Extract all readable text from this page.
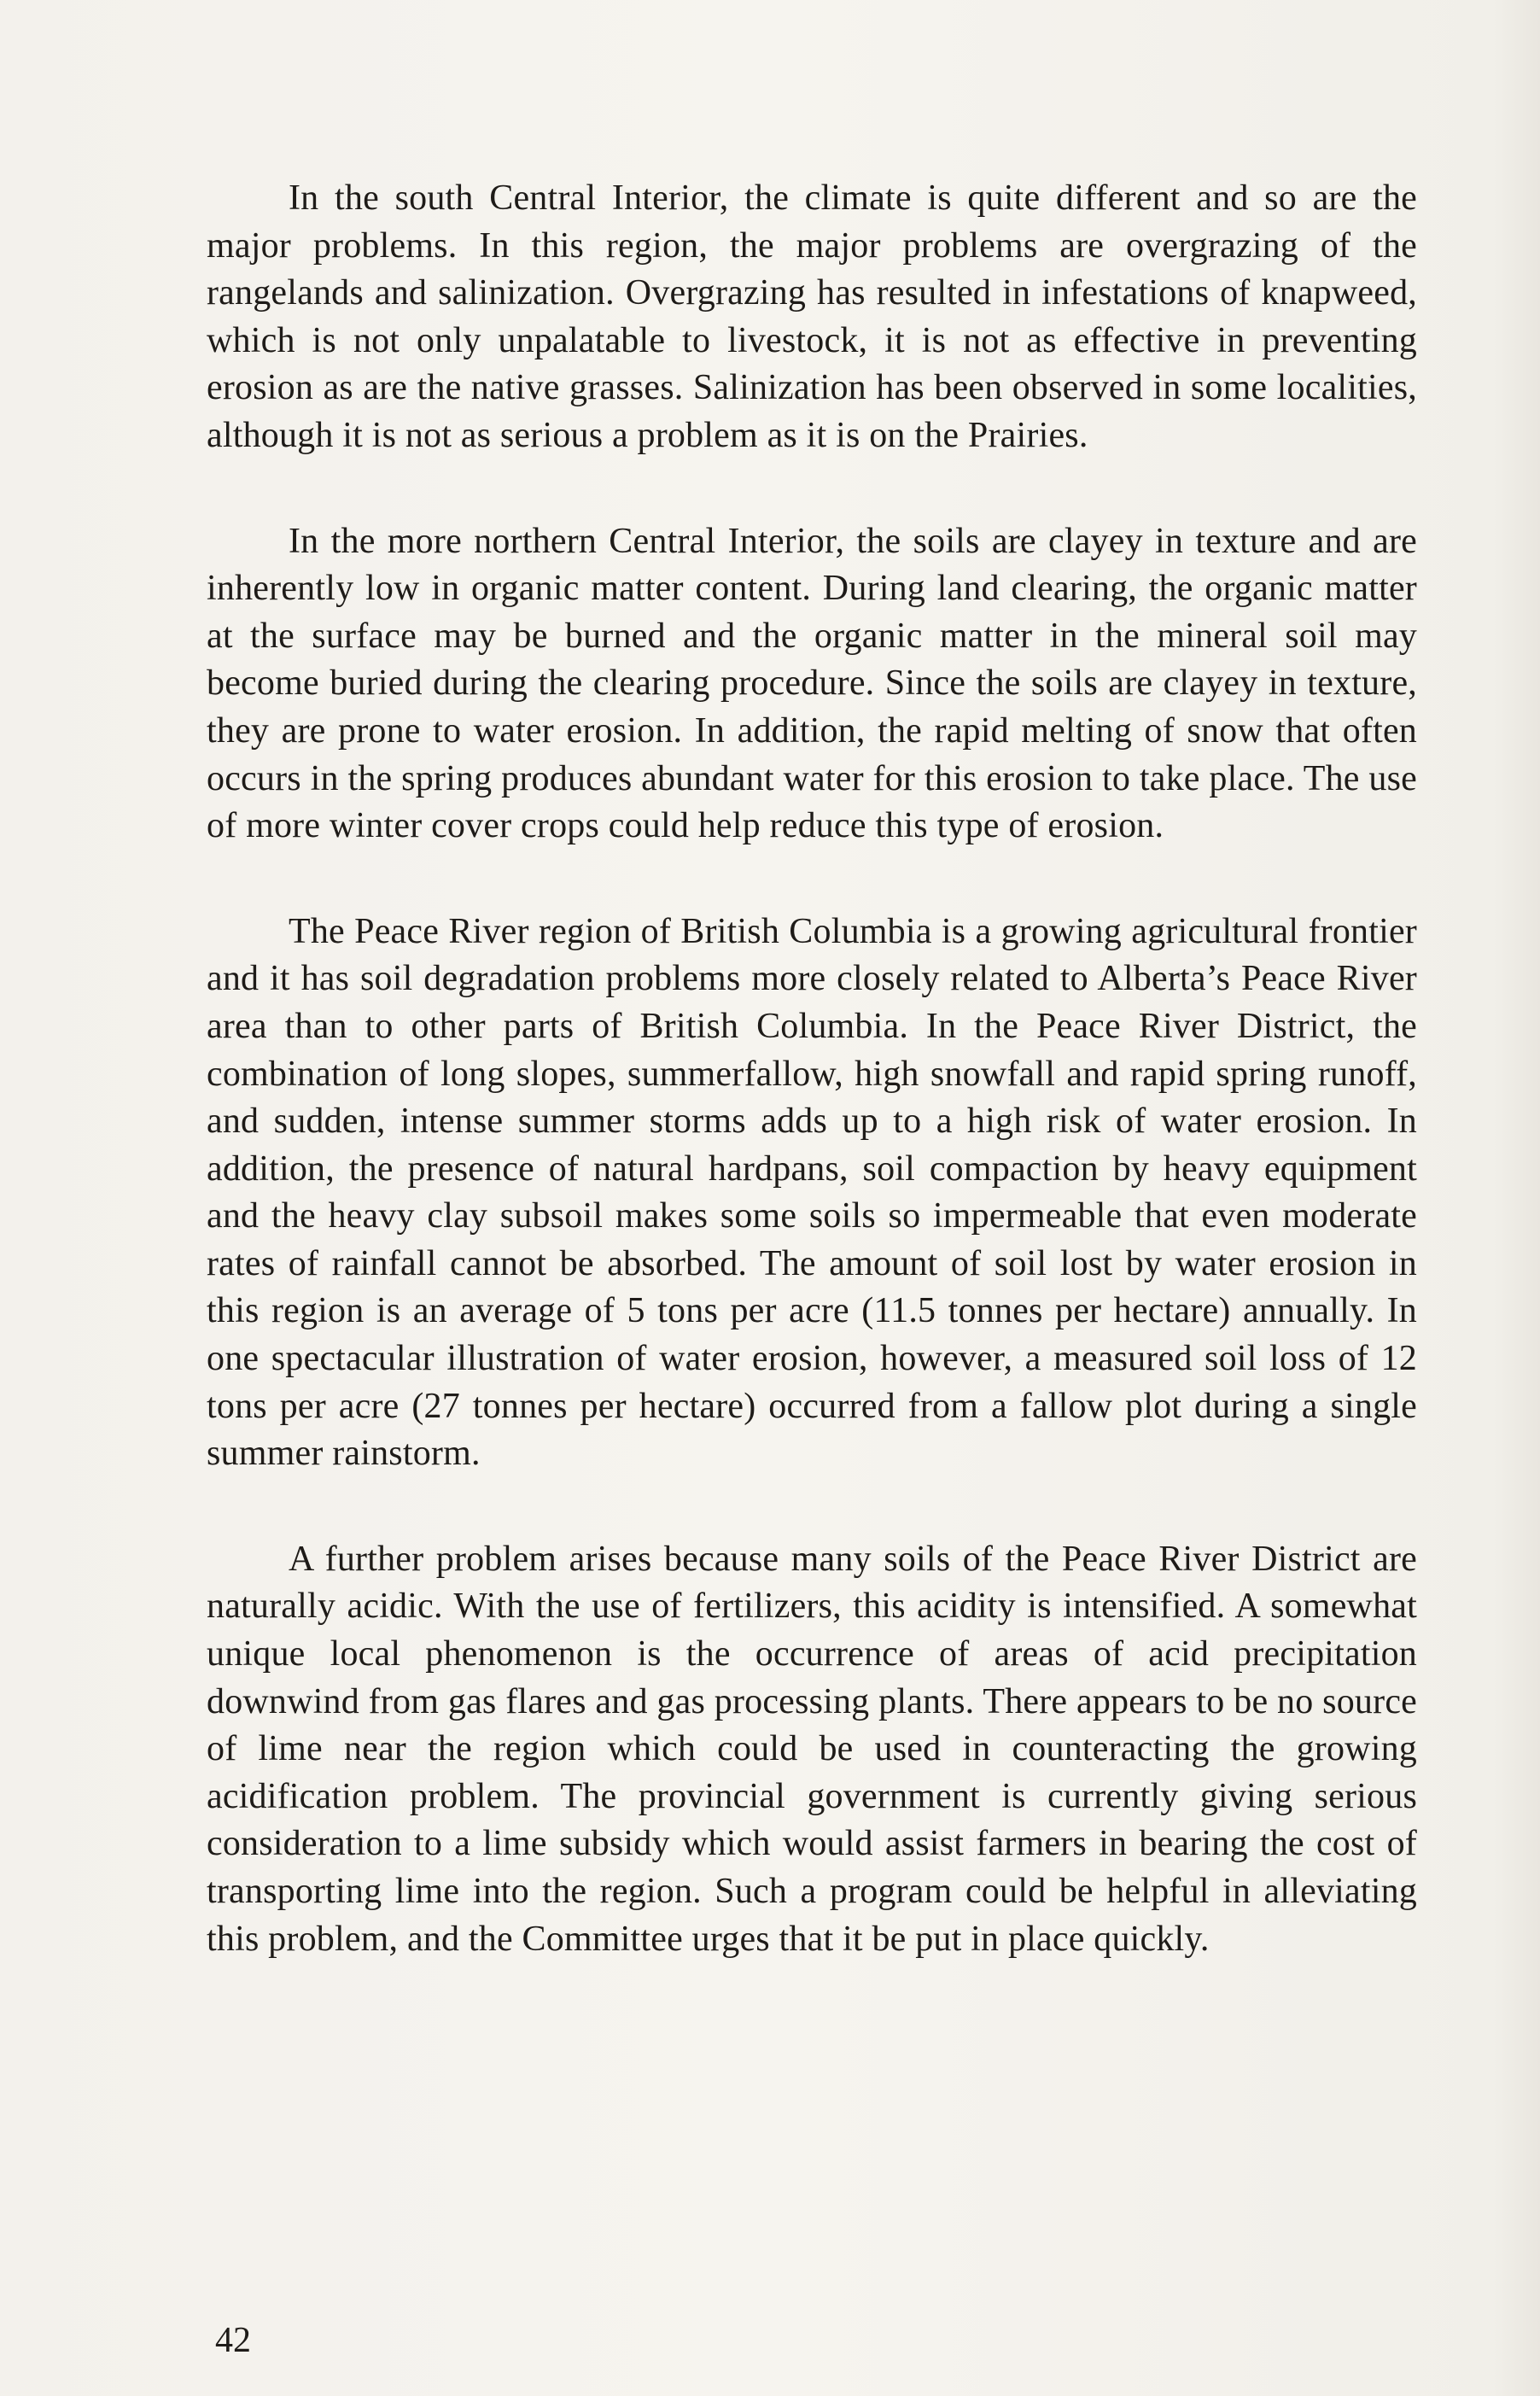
In the south Central Interior, the climate is quite different and so are the major problems. In this region, the major problems are overgrazing of the rangelands and salinization. Overgrazing has resulted in infestations of knapweed, which is not only unpalatable to livestock, it is not as effective in preventing erosion as are the native grasses. Salinization has been observed in some localities, although it is not as serious a problem as it is on the Prairies.

In the more northern Central Interior, the soils are clayey in texture and are inherently low in organic matter content. During land clearing, the organic matter at the surface may be burned and the organic matter in the mineral soil may become buried during the clearing procedure. Since the soils are clayey in texture, they are prone to water erosion. In addition, the rapid melting of snow that often occurs in the spring produces abundant water for this erosion to take place. The use of more winter cover crops could help reduce this type of erosion.

The Peace River region of British Columbia is a growing agricultural frontier and it has soil degradation problems more closely related to Alberta’s Peace River area than to other parts of British Columbia. In the Peace River District, the combination of long slopes, summerfallow, high snowfall and rapid spring runoff, and sudden, intense summer storms adds up to a high risk of water erosion. In addition, the presence of natural hardpans, soil compaction by heavy equipment and the heavy clay subsoil makes some soils so impermeable that even moderate rates of rainfall cannot be absorbed. The amount of soil lost by water erosion in this region is an average of 5 tons per acre (11.5 tonnes per hectare) annually. In one spectacular illustration of water erosion, however, a measured soil loss of 12 tons per acre (27 tonnes per hectare) occurred from a fallow plot during a single summer rainstorm.

A further problem arises because many soils of the Peace River District are naturally acidic. With the use of fertilizers, this acidity is intensified. A somewhat unique local phenomenon is the occurrence of areas of acid precipitation downwind from gas flares and gas processing plants. There appears to be no source of lime near the region which could be used in counteracting the growing acidification problem. The provincial government is currently giving serious consideration to a lime subsidy which would assist farmers in bearing the cost of transporting lime into the region. Such a program could be helpful in alleviating this problem, and the Committee urges that it be put in place quickly.

42
